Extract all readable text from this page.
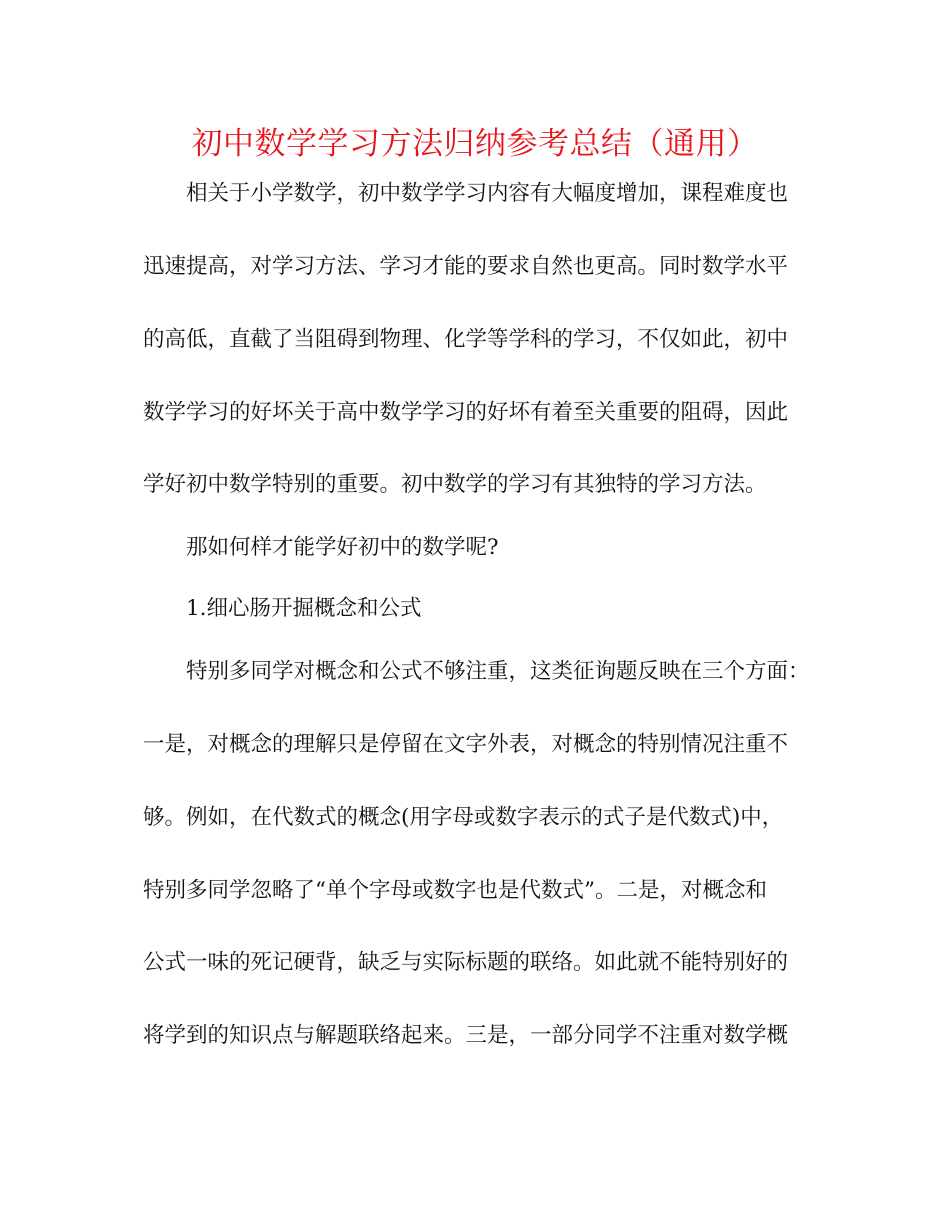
初中数学学习方法归纳参考总结（通用）
相关于小学数学，初中数学学习内容有大幅度增加，课程难度也
迅速提高，对学习方法、学习才能的要求自然也更高。同时数学水平
的高低，直截了当阻碍到物理、化学等学科的学习，不仅如此，初中
数学学习的好坏关于高中数学学习的好坏有着至关重要的阻碍，因此
学好初中数学特别的重要。初中数学的学习有其独特的学习方法。
那如何样才能学好初中的数学呢?
1.细心肠开掘概念和公式
特别多同学对概念和公式不够注重，这类征询题反映在三个方面：
一是，对概念的理解只是停留在文字外表，对概念的特别情况注重不
够。例如，在代数式的概念(用字母或数字表示的式子是代数式)中，
特别多同学忽略了“单个字母或数字也是代数式”。二是，对概念和
公式一味的死记硬背，缺乏与实际标题的联络。如此就不能特别好的
将学到的知识点与解题联络起来。三是，一部分同学不注重对数学概
